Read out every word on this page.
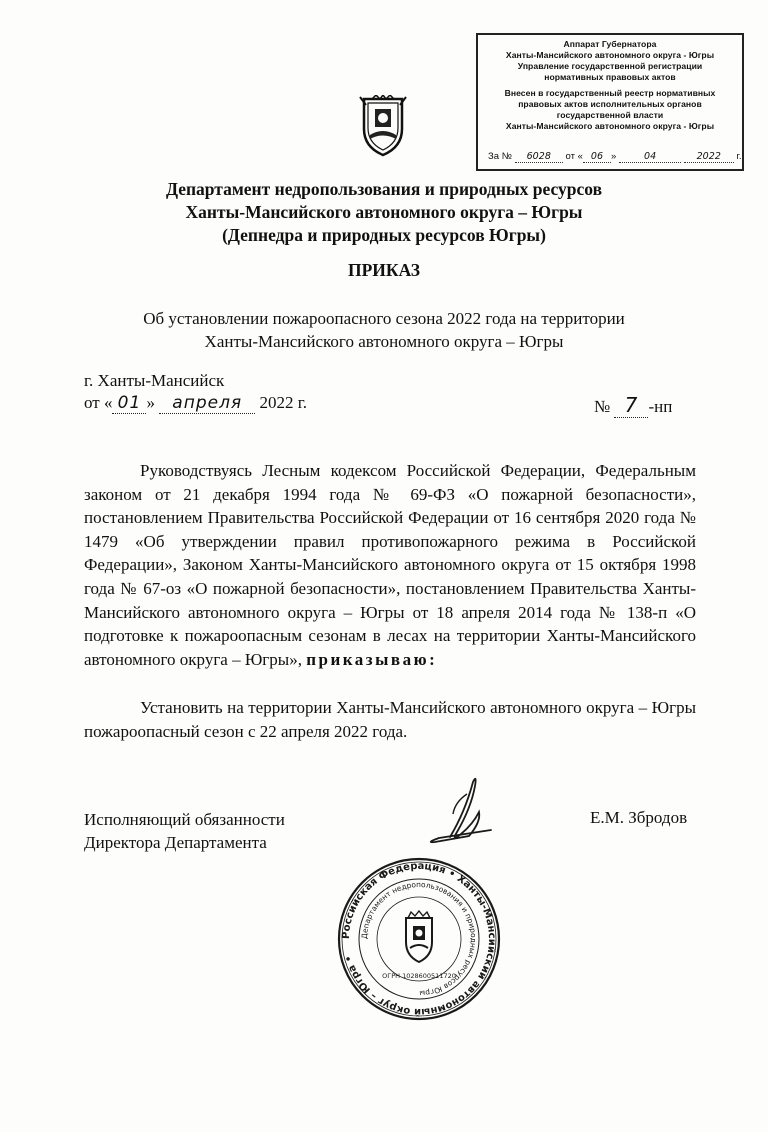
Аппарат Губернатора
Ханты-Мансийского автономного округа - Югры
Управление государственной регистрации
нормативных правовых актов
Внесен в государственный реестр нормативных
правовых актов исполнительных органов
государственной власти
Ханты-Мансийского автономного округа - Югры
За № 6028 от « 06 »	04	2022 г.
Департамент недропользования и природных ресурсов
Ханты-Мансийского автономного округа – Югры
(Депнедра и природных ресурсов Югры)
ПРИКАЗ
Об установлении пожароопасного сезона 2022 года на территории
Ханты-Мансийского автономного округа – Югры
г. Ханты-Мансийск
от « 01 » апреля 2022 г.	№ 7 -нп

Руководствуясь Лесным кодексом Российской Федерации, Федеральным законом от 21 декабря 1994 года № 69-ФЗ «О пожарной безопасности», постановлением Правительства Российской Федерации от 16 сентября 2020 года № 1479 «Об утверждении правил противопожарного режима в Российской Федерации», Законом Ханты-Мансийского автономного округа от 15 октября 1998 года № 67-оз «О пожарной безопасности», постановлением Правительства Ханты-Мансийского автономного округа – Югры от 18 апреля 2014 года № 138-п «О подготовке к пожароопасным сезонам в лесах на территории Ханты-Мансийского автономного округа – Югры», приказываю:

Установить на территории Ханты-Мансийского автономного округа – Югры пожароопасный сезон с 22 апреля 2022 года.

Исполняющий обязанности
Директора Департамента
Е.М. Збродов
Российская Федерация • Ханты-Мансийский автономный округ – Югра •
Департамент недропользования и природных ресурсов Югры
ОГРН 1028600511720
